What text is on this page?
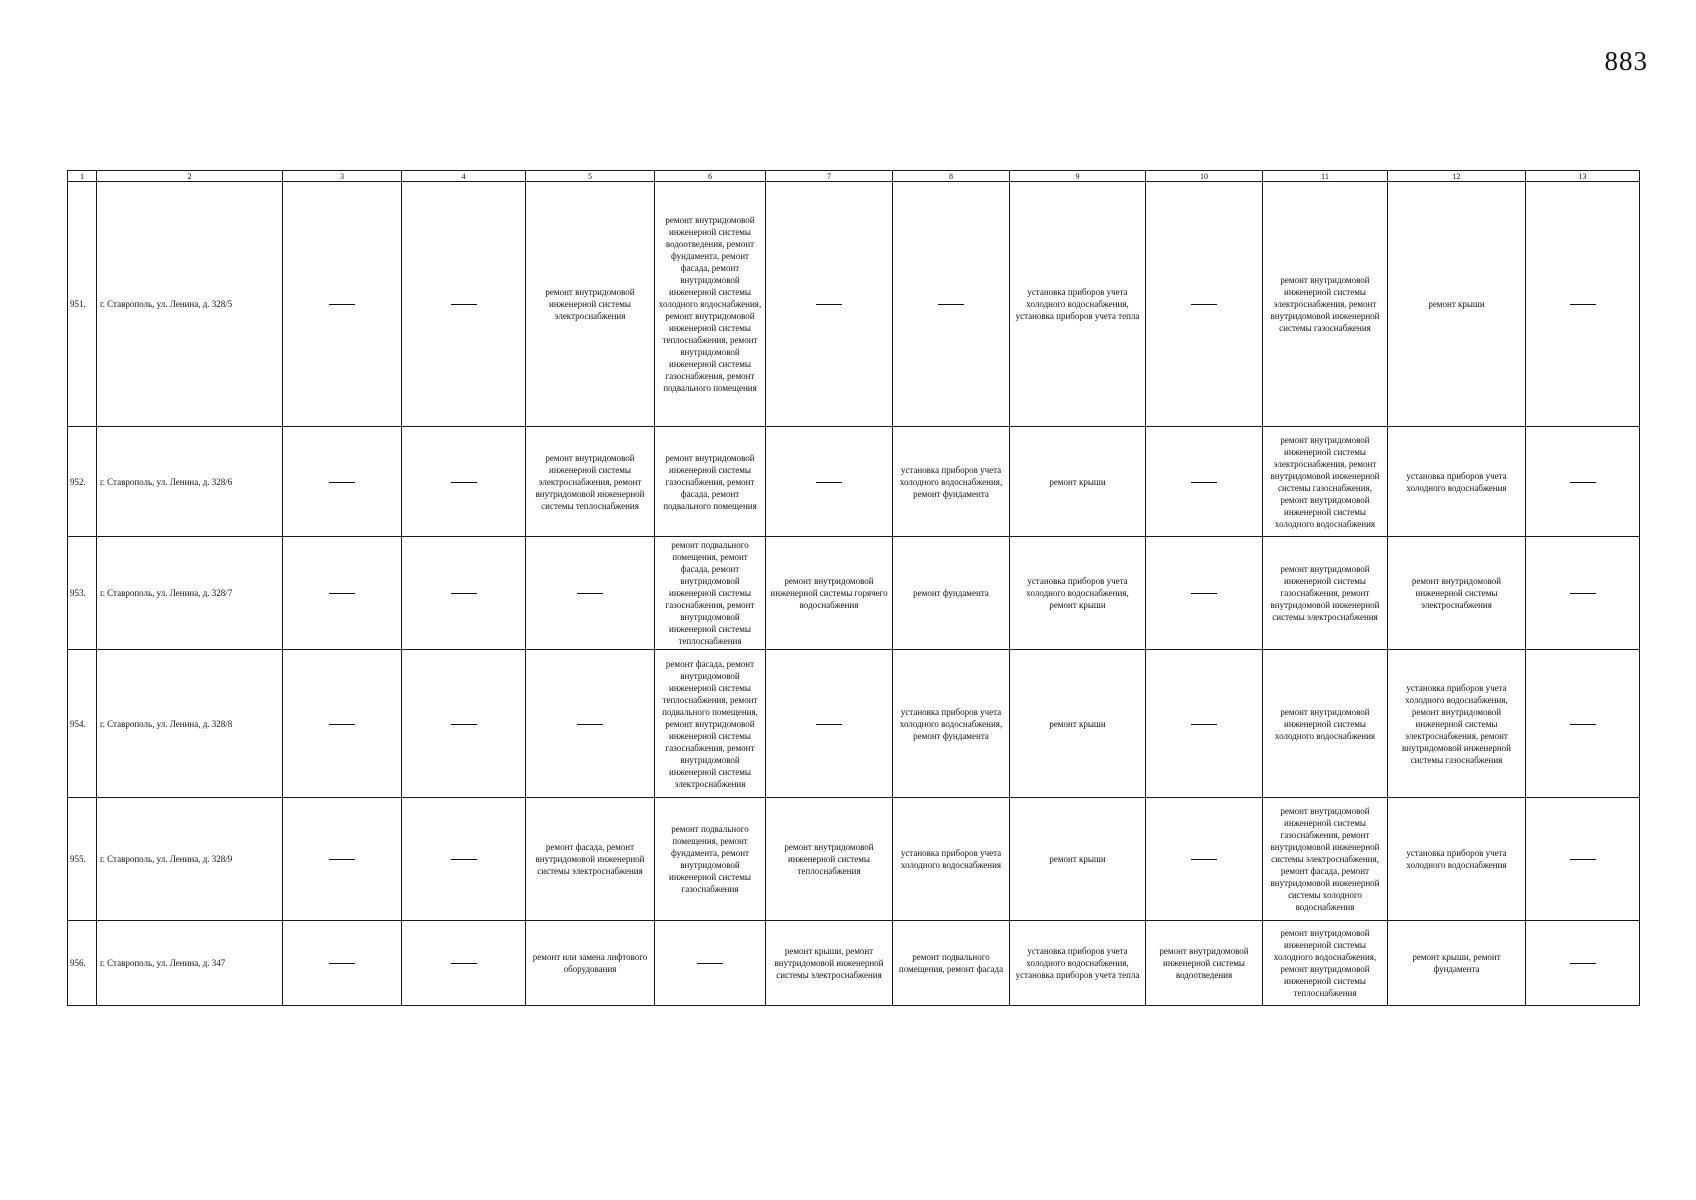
883
1	2	3	4	5	6	7	8	9	10	11	12	13
951.	г. Ставрополь, ул. Ленина, д. 328/5			ремонт внутридомовой инженерной системы электроснабжения	ремонт внутридомовой инженерной системы водоотведения, ремонт фундамента, ремонт фасада, ремонт внутридомовой инженерной системы холодного водоснабжения, ремонт внутридомовой инженерной системы теплоснабжения, ремонт внутридомовой инженерной системы газоснабжения, ремонт подвального помещения			установка приборов учета холодного водоснабжения, установка приборов учета тепла		ремонт внутридомовой инженерной системы электроснабжения, ремонт внутридомовой инженерной системы газоснабжения	ремонт крыши	
952.	г. Ставрополь, ул. Ленина, д. 328/6			ремонт внутридомовой инженерной системы электроснабжения, ремонт внутридомовой инженерной системы теплоснабжения	ремонт внутридомовой инженерной системы газоснабжения, ремонт фасада, ремонт подвального помещения		установка приборов учета холодного водоснабжения, ремонт фундамента	ремонт крыши		ремонт внутридомовой инженерной системы электроснабжения, ремонт внутридомовой инженерной системы газоснабжения, ремонт внутридомовой инженерной системы холодного водоснабжения	установка приборов учета холодного водоснабжения	
953.	г. Ставрополь, ул. Ленина, д. 328/7				ремонт подвального помещения, ремонт фасада, ремонт внутридомовой инженерной системы газоснабжения, ремонт внутридомовой инженерной системы теплоснабжения	ремонт внутридомовой инженерной системы горячего водоснабжения	ремонт фундамента	установка приборов учета холодного водоснабжения, ремонт крыши		ремонт внутридомовой инженерной системы газоснабжения, ремонт внутридомовой инженерной системы электроснабжения	ремонт внутридомовой инженерной системы электроснабжения	
954.	г. Ставрополь, ул. Ленина, д. 328/8				ремонт фасада, ремонт внутридомовой инженерной системы теплоснабжения, ремонт подвального помещения, ремонт внутридомовой инженерной системы газоснабжения, ремонт внутридомовой инженерной системы электроснабжения		установка приборов учета холодного водоснабжения, ремонт фундамента	ремонт крыши		ремонт внутридомовой инженерной системы холодного водоснабжения	установка приборов учета холодного водоснабжения, ремонт внутридомовой инженерной системы электроснабжения, ремонт внутридомовой инженерной системы газоснабжения	
955.	г. Ставрополь, ул. Ленина, д. 328/9			ремонт фасада, ремонт внутридомовой инженерной системы электроснабжения	ремонт подвального помещения, ремонт фундамента, ремонт внутридомовой инженерной системы газоснабжения	ремонт внутридомовой инженерной системы теплоснабжения	установка приборов учета холодного водоснабжения	ремонт крыши		ремонт внутридомовой инженерной системы газоснабжения, ремонт внутридомовой инженерной системы электроснабжения, ремонт фасада, ремонт внутридомовой инженерной системы холодного водоснабжения	установка приборов учета холодного водоснабжения	
956.	г. Ставрополь, ул. Ленина, д. 347			ремонт или замена лифтового оборудования		ремонт крыши, ремонт внутридомовой инженерной системы электроснабжения	ремонт подвального помещения, ремонт фасада	установка приборов учета холодного водоснабжения, установка приборов учета тепла	ремонт внутридомовой инженерной системы водоотведения	ремонт внутридомовой инженерной системы холодного водоснабжения, ремонт внутридомовой инженерной системы теплоснабжения	ремонт крыши, ремонт фундамента	
